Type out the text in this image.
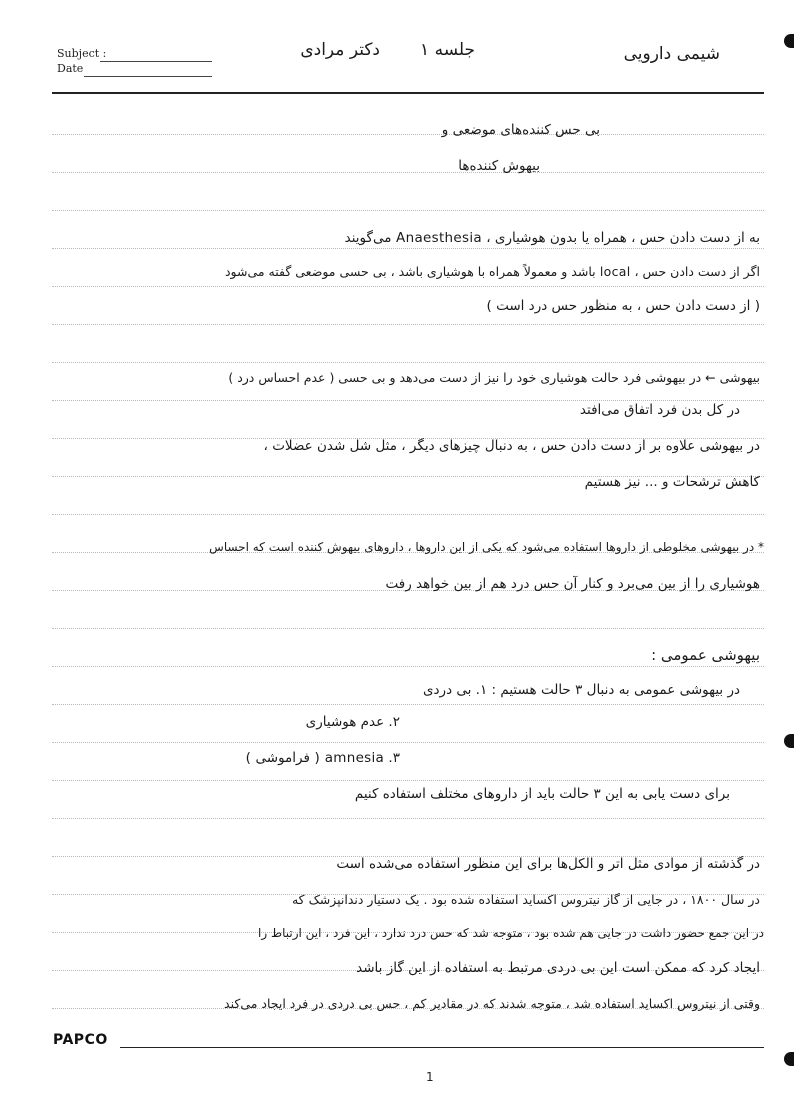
Subject :
Date
دکتر مرادی	جلسه ۱	شیمی دارویی
بی حس کننده‌های موضعی و
بیهوش کننده‌ها
به از دست دادن حس ، همراه یا بدون هوشیاری ، Anaesthesia می‌گویند
اگر از دست دادن حس ، local باشد و معمولاً همراه با هوشیاری باشد ، بی حسی موضعی گفته می‌شود
( از دست دادن حس ، به منظور حس درد است )
بیهوشی ← در بیهوشی فرد حالت هوشیاری خود را نیز از دست می‌دهد و بی حسی ( عدم احساس درد )
در کل بدن فرد اتفاق می‌افتد
در بیهوشی علاوه بر از دست دادن حس ، به دنبال چیزهای دیگر ، مثل شل شدن عضلات ،
کاهش ترشحات و ... نیز هستیم
* در بیهوشی مخلوطی از داروها استفاده می‌شود که یکی از این داروها ، داروهای بیهوش کننده است که احساس
هوشیاری را از بین می‌برد و کنار آن حس درد هم از بین خواهد رفت
بیهوشی عمومی :
در بیهوشی عمومی به دنبال ۳ حالت هستیم : ۱. بی دردی
۲. عدم هوشیاری
۳. amnesia ( فراموشی )
برای دست یابی به این ۳ حالت باید از داروهای مختلف استفاده کنیم
در گذشته از موادی مثل اتر و الکل‌ها برای این منظور استفاده می‌شده است
در سال ۱۸۰۰ ، در جایی از گاز نیتروس اکساید استفاده شده بود . یک دستیار دندانپزشک که
در این جمع حضور داشت در جایی هم شده بود ، متوجه شد که حس درد ندارد ، این فرد ، این ارتباط را
ایجاد کرد که ممکن است این بی دردی مرتبط به استفاده از این گاز باشد
وقتی از نیتروس اکساید استفاده شد ، متوجه شدند که در مقادیر کم ، حس بی دردی در فرد ایجاد می‌کند
PAPCO
1
